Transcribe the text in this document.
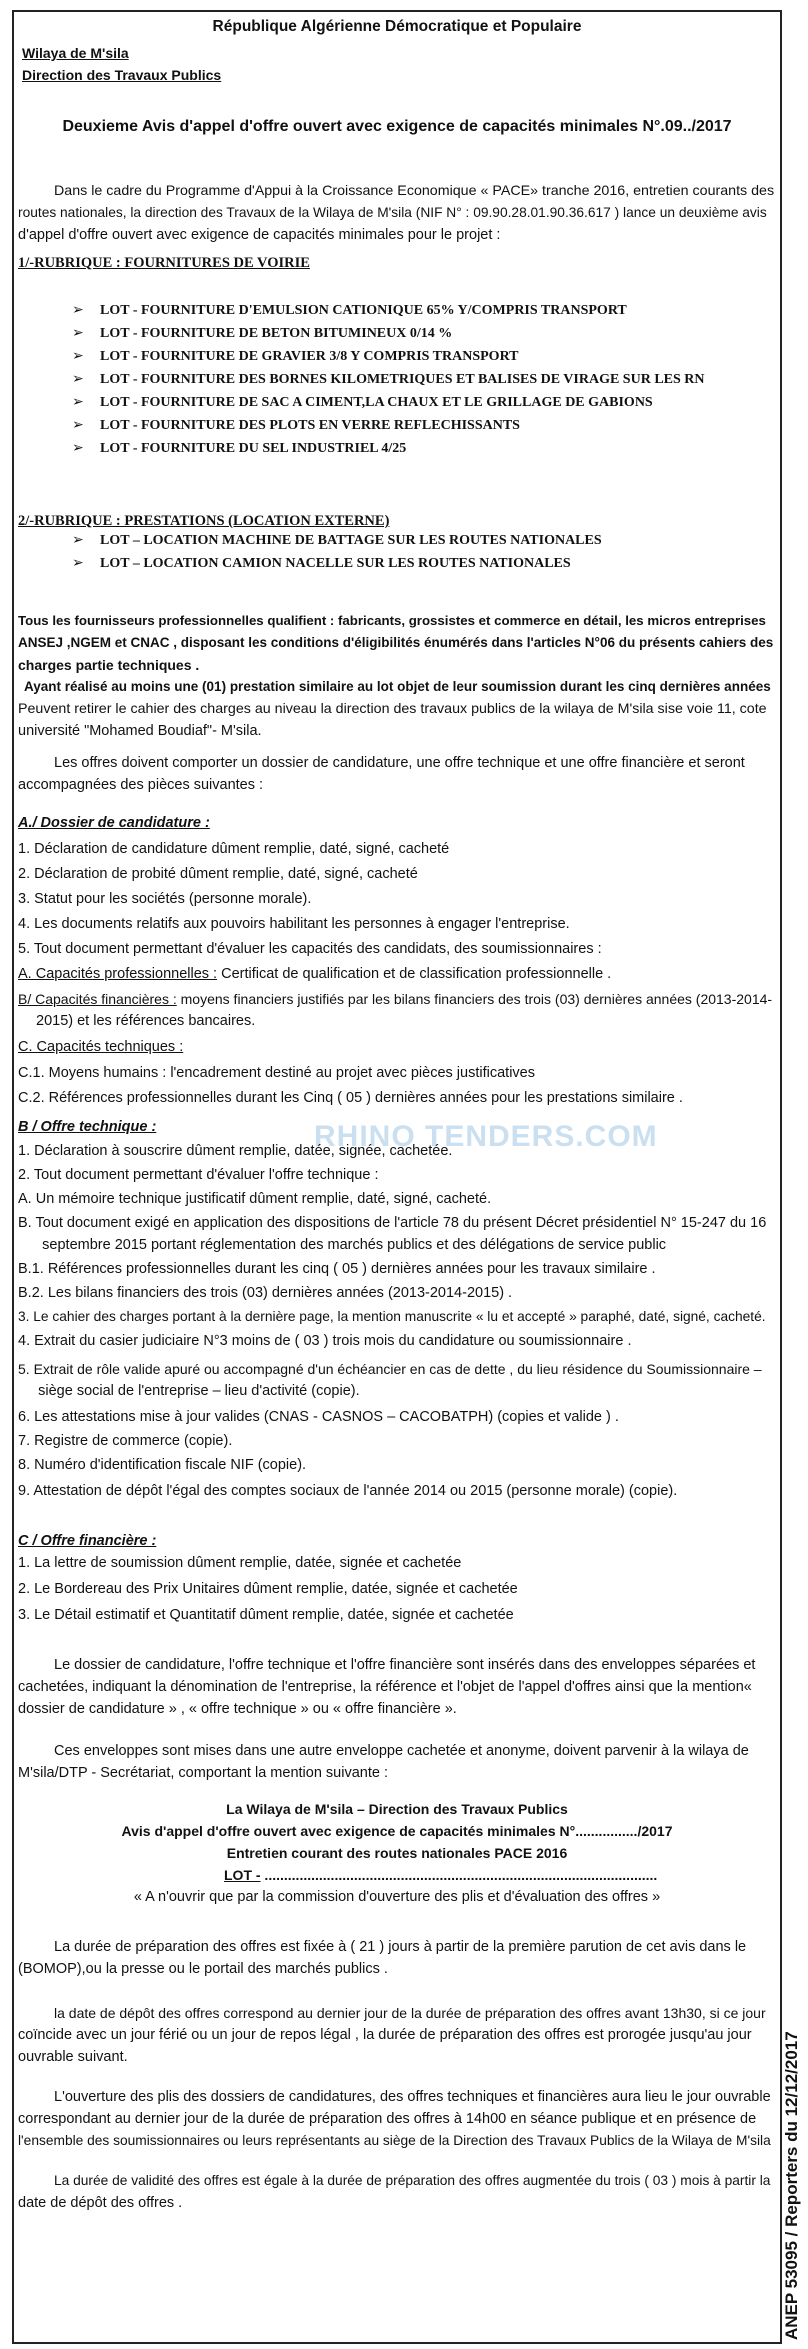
République Algérienne Démocratique et Populaire
Wilaya de M'sila
Direction des Travaux Publics
Deuxieme Avis d'appel d'offre ouvert avec exigence de capacités minimales N°.09../2017
Dans le cadre du Programme d'Appui à la Croissance Economique « PACE» tranche 2016, entretien courants des
routes nationales, la direction des Travaux de la Wilaya de M'sila (NIF N° : 09.90.28.01.90.36.617 ) lance un deuxième avis
d'appel d'offre ouvert avec exigence de capacités minimales pour le projet :
1/-RUBRIQUE : FOURNITURES DE VOIRIE
➢ LOT - FOURNITURE D'EMULSION CATIONIQUE 65% Y/COMPRIS TRANSPORT
➢ LOT - FOURNITURE DE BETON BITUMINEUX 0/14 %
➢ LOT - FOURNITURE DE GRAVIER 3/8 Y COMPRIS TRANSPORT
➢ LOT - FOURNITURE DES BORNES KILOMETRIQUES ET BALISES DE VIRAGE SUR LES RN
➢ LOT - FOURNITURE DE SAC A CIMENT,LA CHAUX ET LE GRILLAGE DE GABIONS
➢ LOT - FOURNITURE DES PLOTS EN VERRE REFLECHISSANTS
➢ LOT - FOURNITURE DU SEL INDUSTRIEL 4/25
2/-RUBRIQUE : PRESTATIONS (LOCATION EXTERNE)
➢ LOT – LOCATION MACHINE DE BATTAGE SUR LES ROUTES NATIONALES
➢ LOT – LOCATION CAMION NACELLE SUR LES ROUTES NATIONALES
Tous les fournisseurs professionnelles qualifient : fabricants, grossistes et commerce en détail, les micros entreprises
ANSEJ ,NGEM et CNAC , disposant les conditions d'éligibilités énumérés dans l'articles N°06 du présents cahiers des
charges partie techniques .
Ayant réalisé au moins une (01) prestation similaire au lot objet de leur soumission durant les cinq dernières années
Peuvent retirer le cahier des charges au niveau la direction des travaux publics de la wilaya de M'sila sise voie 11, cote
université "Mohamed Boudiaf"- M'sila.
Les offres doivent comporter un dossier de candidature, une offre technique et une offre financière et seront
accompagnées des pièces suivantes :
A./ Dossier de candidature :
1. Déclaration de candidature dûment remplie, daté, signé, cacheté
2. Déclaration de probité dûment remplie, daté, signé, cacheté
3. Statut pour les sociétés (personne morale).
4. Les documents relatifs aux pouvoirs habilitant les personnes à engager l'entreprise.
5. Tout document permettant d'évaluer les capacités des candidats, des soumissionnaires :
A. Capacités professionnelles : Certificat de qualification et de classification professionnelle .
B/ Capacités financières : moyens financiers justifiés par les bilans financiers des trois (03) dernières années (2013-2014-
2015) et les références bancaires.
C. Capacités techniques :
C.1. Moyens humains : l'encadrement destiné au projet avec pièces justificatives
C.2. Références professionnelles durant les Cinq ( 05 ) dernières années pour les prestations similaire .
RHINO TENDERS.COM
B / Offre technique :
1. Déclaration à souscrire dûment remplie, datée, signée, cachetée.
2. Tout document permettant d'évaluer l'offre technique :
A. Un mémoire technique justificatif dûment remplie, daté, signé, cacheté.
B. Tout document exigé en application des dispositions de l'article 78 du présent Décret présidentiel N° 15-247 du 16
septembre 2015 portant réglementation des marchés publics et des délégations de service public
B.1. Références professionnelles durant les cinq ( 05 ) dernières années pour les travaux similaire .
B.2. Les bilans financiers des trois (03) dernières années (2013-2014-2015) .
3. Le cahier des charges portant à la dernière page, la mention manuscrite « lu et accepté » paraphé, daté, signé, cacheté.
4. Extrait du casier judiciaire N°3 moins de ( 03 ) trois mois du candidature ou soumissionnaire .
5. Extrait de rôle valide apuré ou accompagné d'un échéancier en cas de dette , du lieu résidence du Soumissionnaire –
siège social de l'entreprise – lieu d'activité (copie).
6. Les attestations mise à jour valides (CNAS - CASNOS – CACOBATPH) (copies et valide ) .
7. Registre de commerce (copie).
8. Numéro d'identification fiscale NIF (copie).
9. Attestation de dépôt l'égal des comptes sociaux de l'année 2014 ou 2015 (personne morale) (copie).
C / Offre financière :
1. La lettre de soumission dûment remplie, datée, signée et cachetée
2. Le Bordereau des Prix Unitaires dûment remplie, datée, signée et cachetée
3. Le Détail estimatif et Quantitatif dûment remplie, datée, signée et cachetée
Le dossier de candidature, l'offre technique et l'offre financière sont insérés dans des enveloppes séparées et
cachetées, indiquant la dénomination de l'entreprise, la référence et l'objet de l'appel d'offres ainsi que la mention«
dossier de candidature » , « offre technique » ou « offre financière ».
Ces enveloppes sont mises dans une autre enveloppe cachetée et anonyme, doivent parvenir à la wilaya de
M'sila/DTP - Secrétariat, comportant la mention suivante :
La Wilaya de M'sila – Direction des Travaux Publics
Avis d'appel d'offre ouvert avec exigence de capacités minimales N°................/2017
Entretien courant des routes nationales PACE 2016
LOT - .....................................................................................................
« A n'ouvrir que par la commission d'ouverture des plis et d'évaluation des offres »
La durée de préparation des offres est fixée à ( 21 ) jours à partir de la première parution de cet avis dans le
(BOMOP),ou la presse ou le portail des marchés publics .
la date de dépôt des offres correspond au dernier jour de la durée de préparation des offres avant 13h30, si ce jour
coïncide avec un jour férié ou un jour de repos légal , la durée de préparation des offres est prorogée jusqu'au jour
ouvrable suivant.
L'ouverture des plis des dossiers de candidatures, des offres techniques et financières aura lieu le jour ouvrable
correspondant au dernier jour de la durée de préparation des offres à 14h00 en séance publique et en présence de
l'ensemble des soumissionnaires ou leurs représentants au siège de la Direction des Travaux Publics de la Wilaya de M'sila
La durée de validité des offres est égale à la durée de préparation des offres augmentée du trois ( 03 ) mois à partir la
date de dépôt des offres .	ANEP 53095 / Reporters du 12/12/2017
